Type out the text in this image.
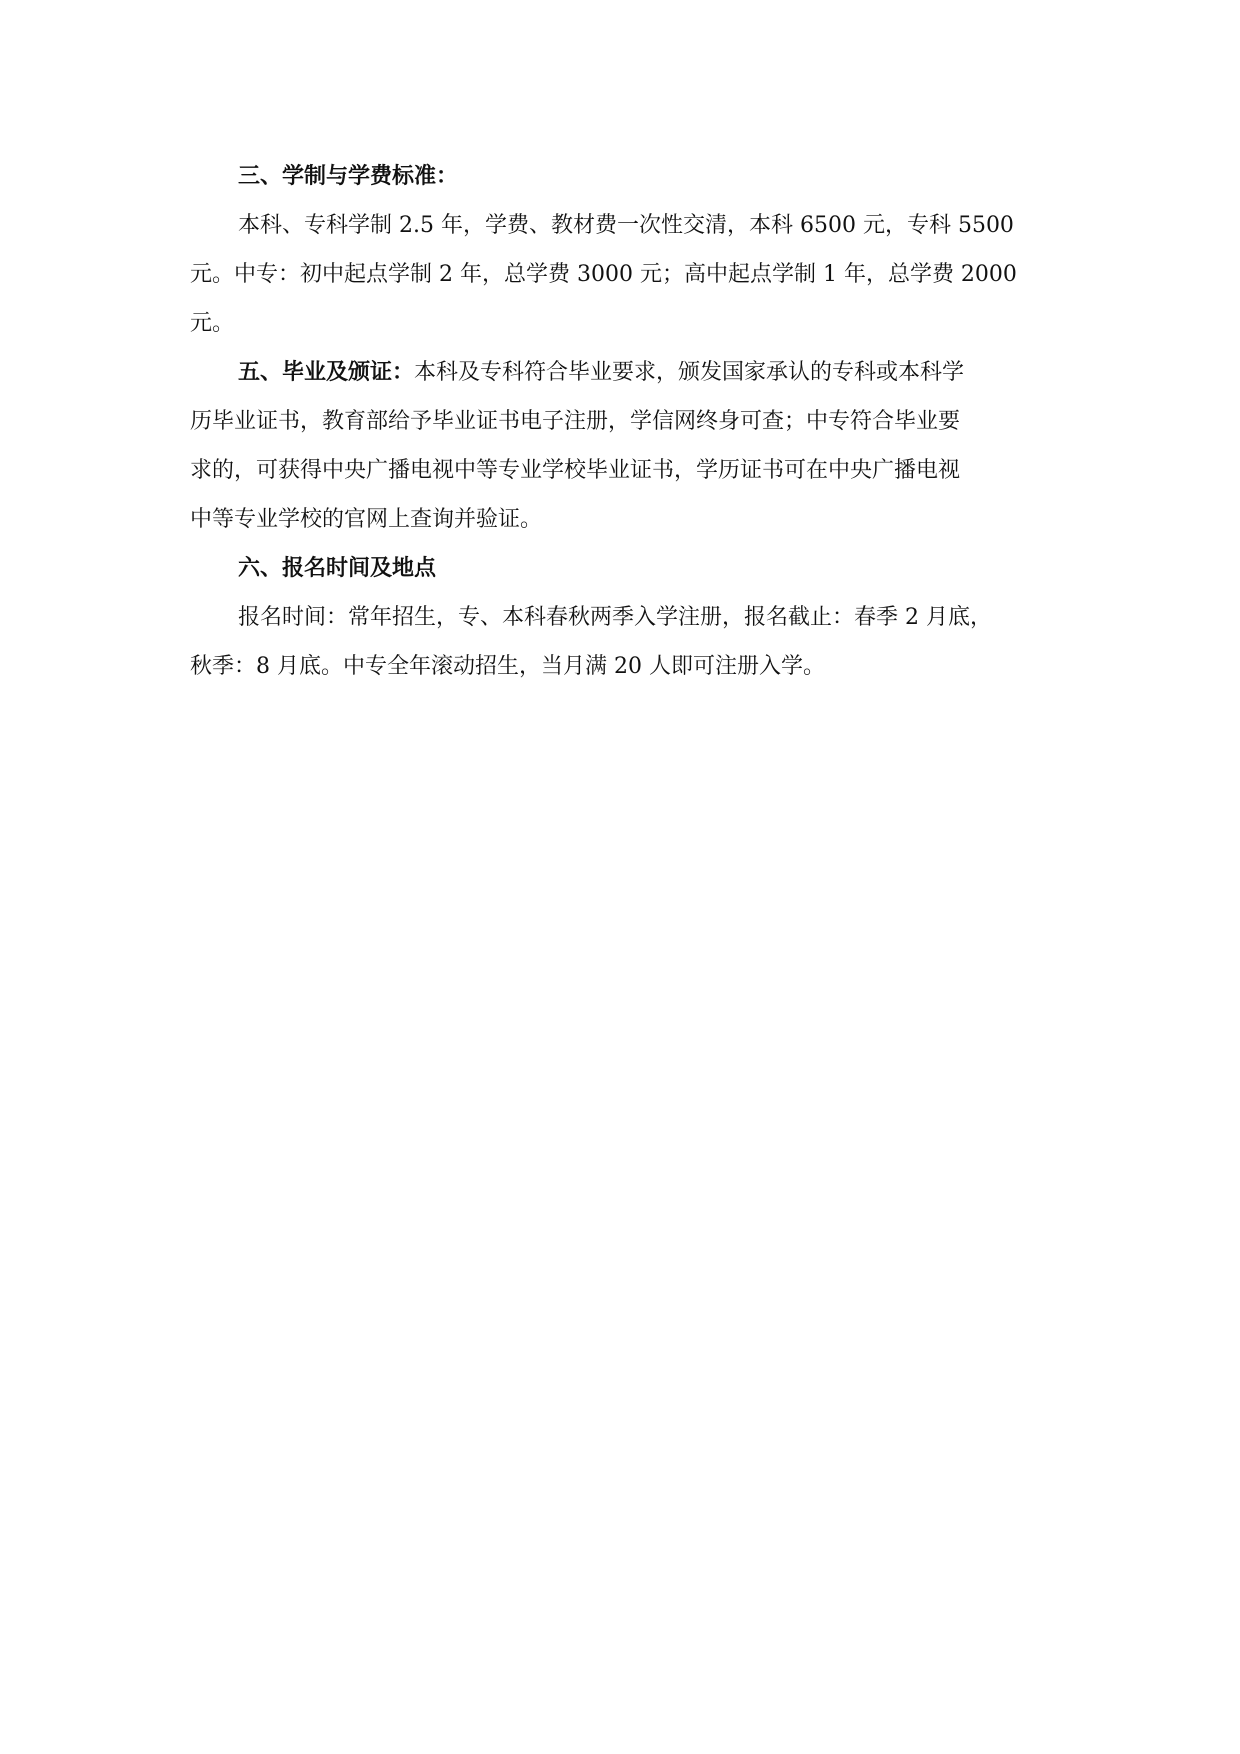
三、学制与学费标准：

本科、专科学制 2.5 年，学费、教材费一次性交清，本科 6500 元，专科 5500

元。中专：初中起点学制 2 年，总学费 3000 元；高中起点学制 1 年，总学费 2000

元。

五、毕业及颁证：本科及专科符合毕业要求，颁发国家承认的专科或本科学

历毕业证书，教育部给予毕业证书电子注册，学信网终身可查；中专符合毕业要

求的，可获得中央广播电视中等专业学校毕业证书，学历证书可在中央广播电视

中等专业学校的官网上查询并验证。

六、报名时间及地点

报名时间：常年招生，专、本科春秋两季入学注册，报名截止：春季 2 月底，

秋季：8 月底。中专全年滚动招生，当月满 20 人即可注册入学。
